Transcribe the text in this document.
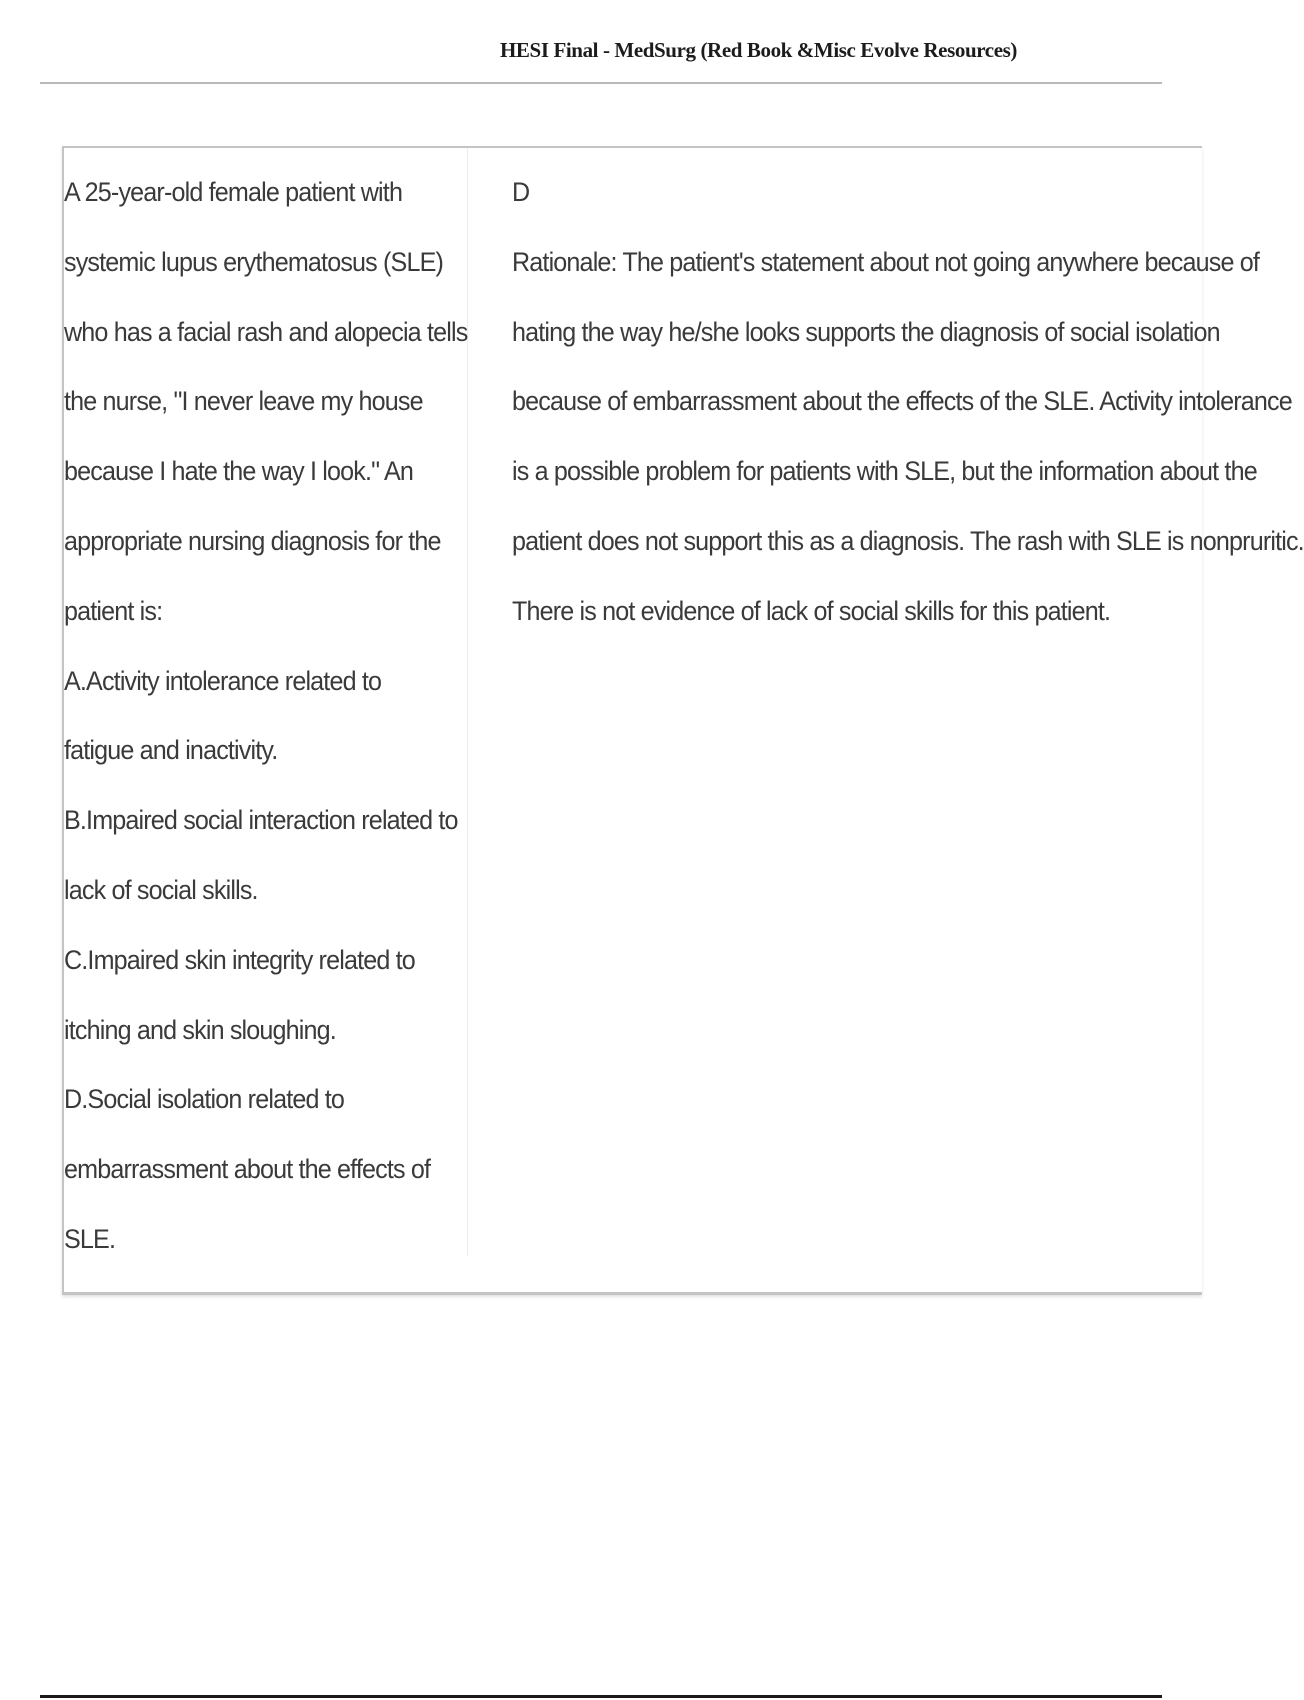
HESI Final - MedSurg (Red Book &Misc Evolve Resources)
A 25-year-old female patient with
systemic lupus erythematosus (SLE)
who has a facial rash and alopecia tells
the nurse, "I never leave my house
because I hate the way I look." An
appropriate nursing diagnosis for the
patient is:
A.Activity intolerance related to
fatigue and inactivity.
B.Impaired social interaction related to
lack of social skills.
C.Impaired skin integrity related to
itching and skin sloughing.
D.Social isolation related to
embarrassment about the effects of
SLE.
D
Rationale: The patient's statement about not going anywhere because of
hating the way he/she looks supports the diagnosis of social isolation
because of embarrassment about the effects of the SLE. Activity intolerance
is a possible problem for patients with SLE, but the information about the
patient does not support this as a diagnosis. The rash with SLE is nonpruritic.
There is not evidence of lack of social skills for this patient.
